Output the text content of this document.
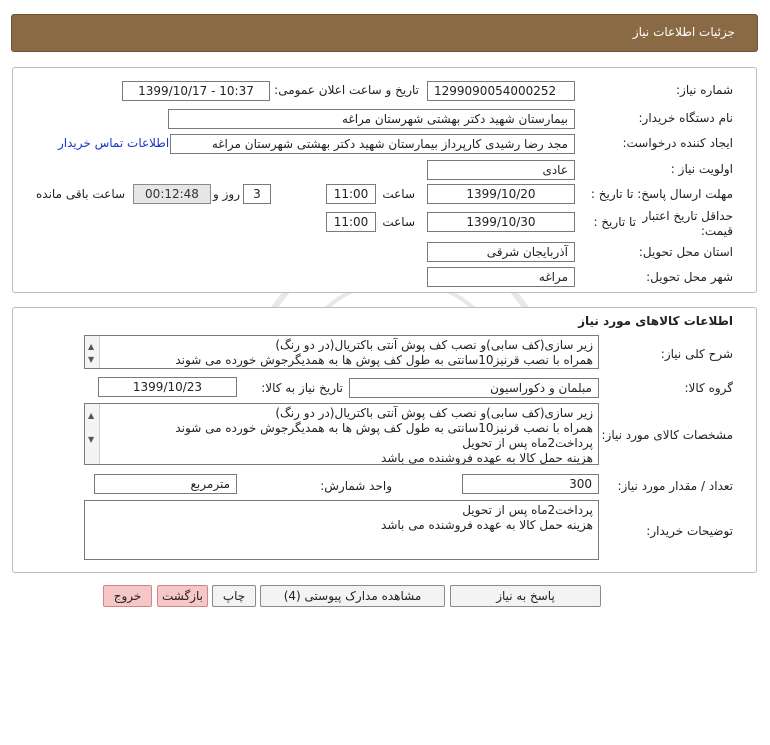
جزئیات اطلاعات نیاز
شماره نیاز:
1299090054000252
تاریخ و ساعت اعلان عمومی:
1399/10/17 - 10:37
نام دستگاه خریدار:
بیمارستان شهید دکتر بهشتی شهرستان مراغه
ایجاد کننده درخواست:
مجد رضا رشیدی کارپرداز بیمارستان شهید دکتر بهشتی شهرستان مراغه
اطلاعات تماس خریدار
اولویت نیاز :
عادی
مهلت ارسال پاسخ: تا تاریخ :
1399/10/20
ساعت
11:00
3
روز و
00:12:48
ساعت باقی مانده
حداقل تاریخ اعتبار
قیمت:
تا تاریخ :
1399/10/30
ساعت
11:00
استان محل تحویل:
آذربایجان شرقی
شهر محل تحویل:
مراغه
اطلاعات کالاهای مورد نیاز
شرح کلی نیاز:
▲
▼
زیر سازی(کف سابی)و نصب کف پوش آنتی باکتریال(در دو رنگ)
همراه با نصب قرنیز10سانتی به طول کف پوش ها به همدیگرجوش خورده می شوند
گروه کالا:
مبلمان و دکوراسیون
تاریخ نیاز به کالا:
1399/10/23
مشخصات کالای مورد نیاز:
▲
▼
زیر سازی(کف سابی)و نصب کف پوش آنتی باکتریال(در دو رنگ)
همراه با نصب قرنیز10سانتی به طول کف پوش ها به همدیگرجوش خورده می شوند
پرداخت2ماه پس از تحویل
هزینه حمل کالا به عهده فروشنده می باشد
تعداد / مقدار مورد نیاز:
300
واحد شمارش:
مترمربع
توضیحات خریدار:
پرداخت2ماه پس از تحویل
هزینه حمل کالا به عهده فروشنده می باشد
پاسخ به نیاز
مشاهده مدارک پیوستی (4)
چاپ
بازگشت
خروج
